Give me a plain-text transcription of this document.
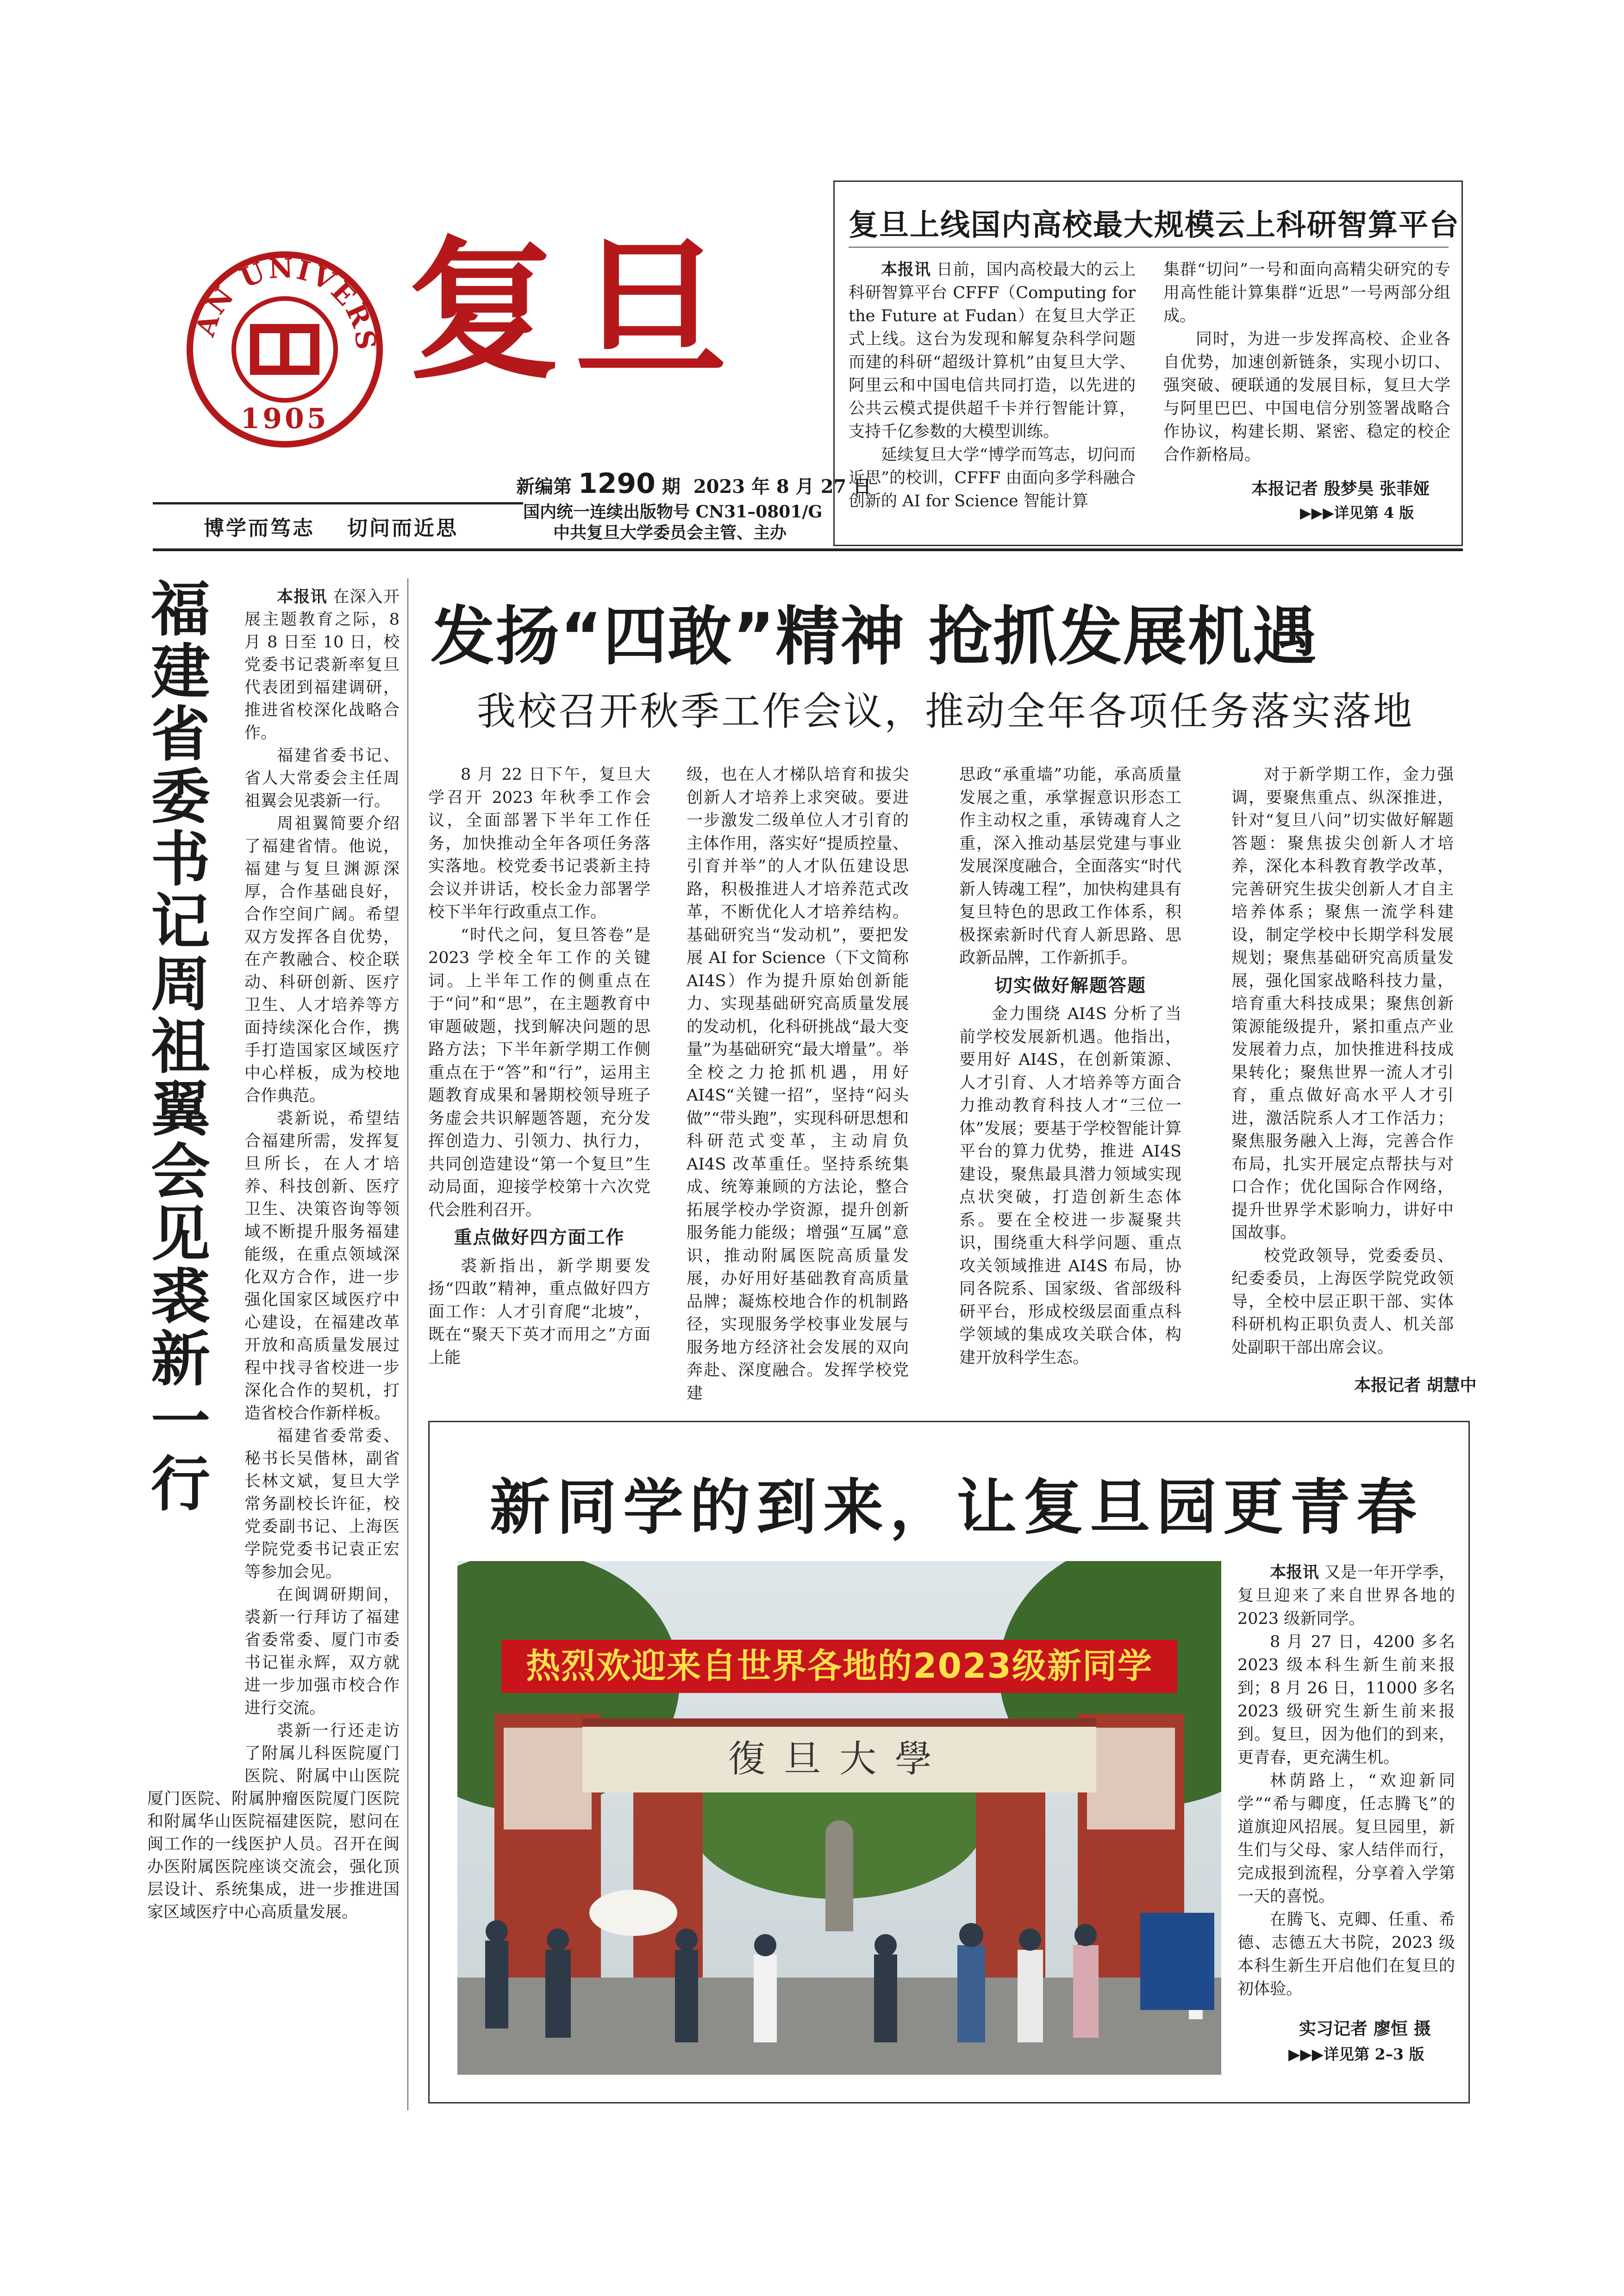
AN UNIVERS
1905
复旦
博学而笃志 切问而近思
新编第 1290 期 2023 年 8 月 27 日
国内统一连续出版物号 CN31–0801/G
中共复旦大学委员会主管、主办
复旦上线国内高校最大规模云上科研智算平台

本报讯 日前，国内高校最大的云上科研智算平台 CFFF（Computing for the Future at Fudan）在复旦大学正式上线。这台为发现和解复杂科学问题而建的科研“超级计算机”由复旦大学、阿里云和中国电信共同打造，以先进的公共云模式提供超千卡并行智能计算，支持千亿参数的大模型训练。

延续复旦大学“博学而笃志，切问而近思”的校训，CFFF 由面向多学科融合创新的 AI for Science 智能计算

集群“切问”一号和面向高精尖研究的专用高性能计算集群“近思”一号两部分组成。

同时，为进一步发挥高校、企业各自优势，加速创新链条，实现小切口、强突破、硬联通的发展目标，复旦大学与阿里巴巴、中国电信分别签署战略合作协议，构建长期、紧密、稳定的校企合作新格局。

本报记者 殷梦昊 张菲娅
▶▶▶详见第 4 版
福建省委书记周祖翼会见裘新一行

本报讯 在深入开展主题教育之际，8 月 8 日至 10 日，校党委书记裘新率复旦代表团到福建调研，推进省校深化战略合作。

福建省委书记、省人大常委会主任周祖翼会见裘新一行。

周祖翼简要介绍了福建省情。他说，福建与复旦渊源深厚，合作基础良好，合作空间广阔。希望双方发挥各自优势，在产教融合、校企联动、科研创新、医疗卫生、人才培养等方面持续深化合作，携手打造国家区域医疗中心样板，成为校地合作典范。

裘新说，希望结合福建所需，发挥复旦所长，在人才培养、科技创新、医疗卫生、决策咨询等领域不断提升服务福建能级，在重点领域深化双方合作，进一步强化国家区域医疗中心建设，在福建改革开放和高质量发展过程中找寻省校进一步深化合作的契机，打造省校合作新样板。

福建省委常委、秘书长吴偕林，副省长林文斌，复旦大学常务副校长许征，校党委副书记、上海医学院党委书记袁正宏等参加会见。

在闽调研期间，裘新一行拜访了福建省委常委、厦门市委书记崔永辉，双方就进一步加强市校合作进行交流。

裘新一行还走访了附属儿科医院厦门医院、附属中山医院厦门医院、附属肿瘤医院厦门医院和附属华山医院福建医院，慰问在闽工作的一线医护人员。召开在闽办医附属医院座谈交流会，强化顶层设计、系统集成，进一步推进国家区域医疗中心高质量发展。

发扬“四敢”精神 抢抓发展机遇
我校召开秋季工作会议，推动全年各项任务落实落地

8 月 22 日下午，复旦大学召开 2023 年秋季工作会议，全面部署下半年工作任务，加快推动全年各项任务落实落地。校党委书记裘新主持会议并讲话，校长金力部署学校下半年行政重点工作。

“时代之问，复旦答卷”是 2023 学校全年工作的关键词。上半年工作的侧重点在于“问”和“思”，在主题教育中审题破题，找到解决问题的思路方法；下半年新学期工作侧重点在于“答”和“行”，运用主题教育成果和暑期校领导班子务虚会共识解题答题，充分发挥创造力、引领力、执行力，共同创造建设“第一个复旦”生动局面，迎接学校第十六次党代会胜利召开。

重点做好四方面工作

裘新指出，新学期要发扬“四敢”精神，重点做好四方面工作：人才引育爬“北坡”，既在“聚天下英才而用之”方面上能

级，也在人才梯队培育和拔尖创新人才培养上求突破。要进一步激发二级单位人才引育的主体作用，落实好“提质控量、引育并举”的人才队伍建设思路，积极推进人才培养范式改革，不断优化人才培养结构。基础研究当“发动机”，要把发展 AI for Science（下文简称 AI4S）作为提升原始创新能力、实现基础研究高质量发展的发动机，化科研挑战“最大变量”为基础研究“最大增量”。举全校之力抢抓机遇，用好 AI4S“关键一招”，坚持“闷头做”“带头跑”，实现科研思想和科研范式变革，主动肩负 AI4S 改革重任。坚持系统集成、统筹兼顾的方法论，整合拓展学校办学资源，提升创新服务能力能级；增强“互属”意识，推动附属医院高质量发展，办好用好基础教育高质量品牌；凝炼校地合作的机制路径，实现服务学校事业发展与服务地方经济社会发展的双向奔赴、深度融合。发挥学校党建

思政“承重墙”功能，承高质量发展之重，承掌握意识形态工作主动权之重，承铸魂育人之重，深入推动基层党建与事业发展深度融合，全面落实“时代新人铸魂工程”，加快构建具有复旦特色的思政工作体系，积极探索新时代育人新思路、思政新品牌，工作新抓手。

切实做好解题答题

金力围绕 AI4S 分析了当前学校发展新机遇。他指出，要用好 AI4S，在创新策源、人才引育、人才培养等方面合力推动教育科技人才“三位一体”发展；要基于学校智能计算平台的算力优势，推进 AI4S 建设，聚焦最具潜力领域实现点状突破，打造创新生态体系。要在全校进一步凝聚共识，围绕重大科学问题、重点攻关领域推进 AI4S 布局，协同各院系、国家级、省部级科研平台，形成校级层面重点科学领域的集成攻关联合体，构建开放科学生态。

对于新学期工作，金力强调，要聚焦重点、纵深推进，针对“复旦八问”切实做好解题答题：聚焦拔尖创新人才培养，深化本科教育教学改革，完善研究生拔尖创新人才自主培养体系；聚焦一流学科建设，制定学校中长期学科发展规划；聚焦基础研究高质量发展，强化国家战略科技力量，培育重大科技成果；聚焦创新策源能级提升，紧扣重点产业发展着力点，加快推进科技成果转化；聚焦世界一流人才引育，重点做好高水平人才引进，激活院系人才工作活力；聚焦服务融入上海，完善合作布局，扎实开展定点帮扶与对口合作；优化国际合作网络，提升世界学术影响力，讲好中国故事。

校党政领导，党委委员、纪委委员，上海医学院党政领导，全校中层正职干部、实体科研机构正职负责人、机关部处副职干部出席会议。

本报记者 胡慧中
新同学的到来，让复旦园更青春
热烈欢迎来自世界各地的2023级新同学
復旦大學

本报讯 又是一年开学季，复旦迎来了来自世界各地的 2023 级新同学。

8 月 27 日，4200 多名 2023 级本科生新生前来报到；8 月 26 日，11000 多名 2023 级研究生新生前来报到。复旦，因为他们的到来，更青春，更充满生机。

林荫路上，“欢迎新同学”“希与卿度，任志腾飞”的道旗迎风招展。复旦园里，新生们与父母、家人结伴而行，完成报到流程，分享着入学第一天的喜悦。

在腾飞、克卿、任重、希德、志德五大书院，2023 级本科生新生开启他们在复旦的初体验。

实习记者 廖恒 摄
▶▶▶详见第 2–3 版
